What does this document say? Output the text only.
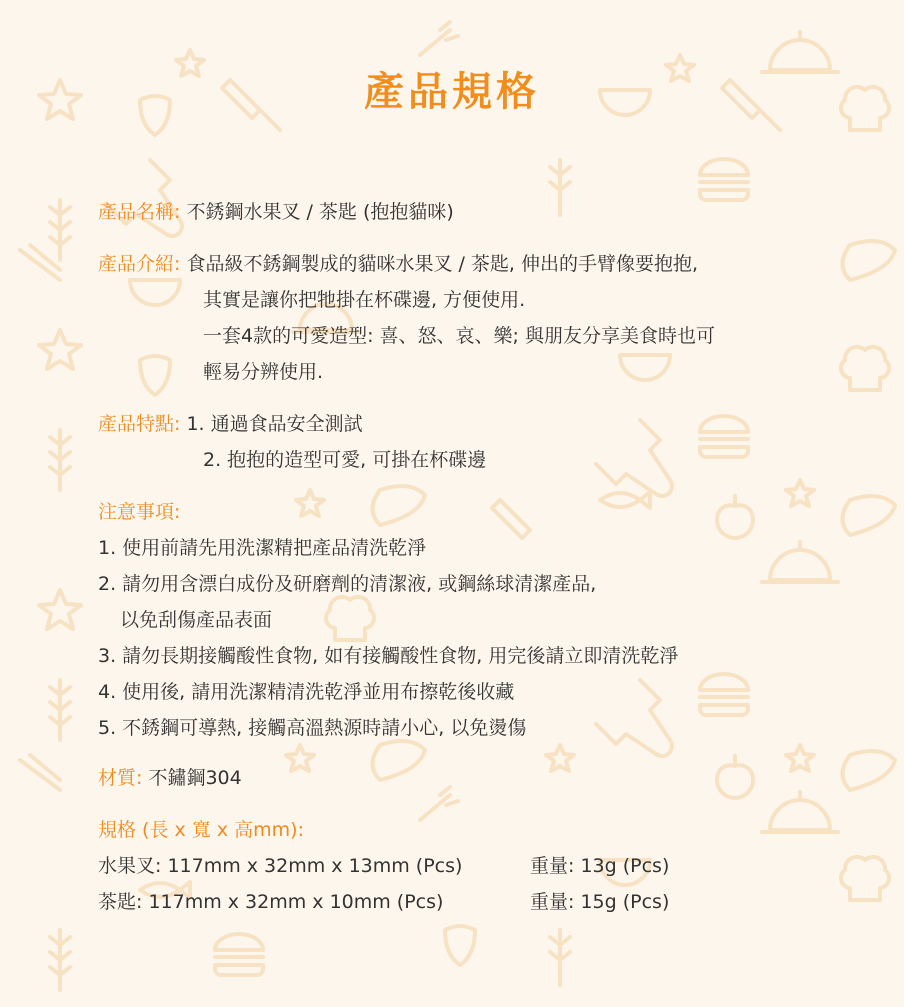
產品規格
產品名稱: 不銹鋼水果叉 / 茶匙 (抱抱貓咪)
產品介紹: 食品級不銹鋼製成的貓咪水果叉 / 茶匙, 伸出的手臂像要抱抱,
其實是讓你把牠掛在杯碟邊, 方便使用.
一套4款的可愛造型: 喜、怒、哀、樂; 與朋友分享美食時也可
輕易分辨使用.
產品特點: 1. 通過食品安全測試
2. 抱抱的造型可愛, 可掛在杯碟邊
注意事項:
1. 使用前請先用洗潔精把產品清洗乾淨
2. 請勿用含漂白成份及研磨劑的清潔液, 或鋼絲球清潔產品,
以免刮傷產品表面
3. 請勿長期接觸酸性食物, 如有接觸酸性食物, 用完後請立即清洗乾淨
4. 使用後, 請用洗潔精清洗乾淨並用布擦乾後收藏
5. 不銹鋼可導熱, 接觸高溫熱源時請小心, 以免燙傷
材質: 不鏽鋼304
規格 (長 x 寬 x 高mm):
水果叉: 117mm x 32mm x 13mm (Pcs)	重量: 13g (Pcs)
茶匙: 117mm x 32mm x 10mm (Pcs)	重量: 15g (Pcs)
